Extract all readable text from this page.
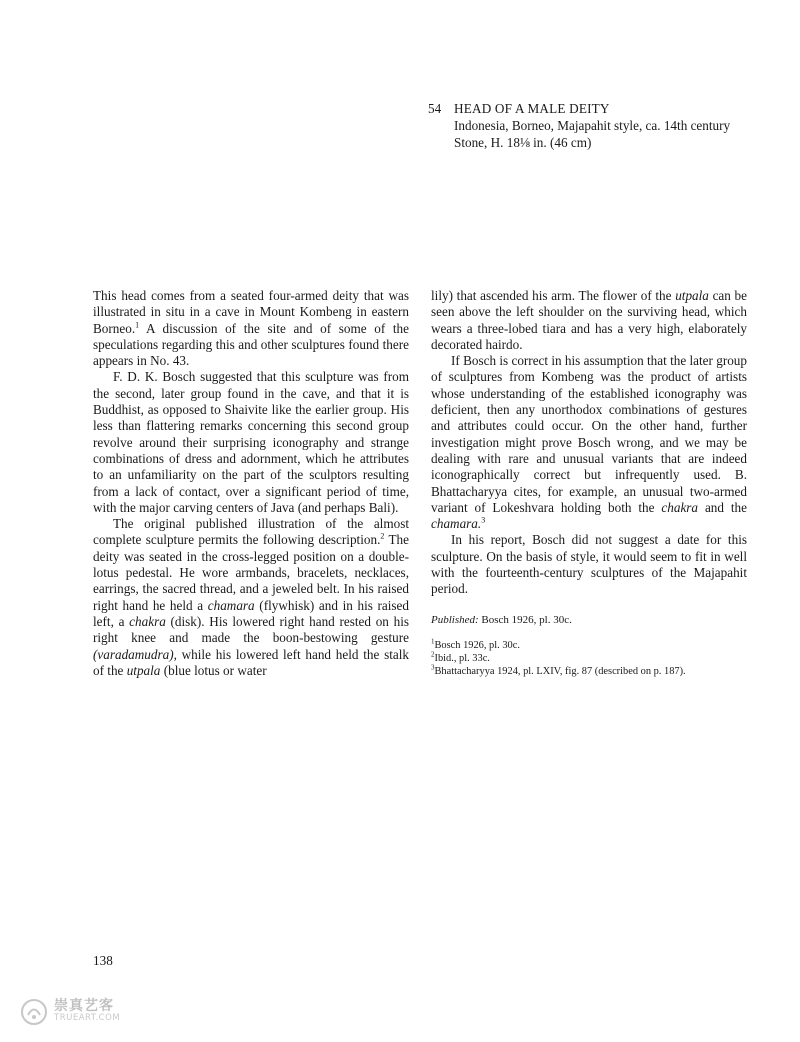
54 HEAD OF A MALE DEITY
Indonesia, Borneo, Majapahit style, ca. 14th century
Stone, H. 18⅛ in. (46 cm)

This head comes from a seated four-armed deity that was illustrated in situ in a cave in Mount Kombeng in eastern Borneo.$^1$ A discussion of the site and of some of the speculations regarding this and other sculptures found there appears in No. 43.

F. D. K. Bosch suggested that this sculpture was from the second, later group found in the cave, and that it is Buddhist, as opposed to Shaivite like the earlier group. His less than flattering remarks concerning this second group revolve around their surprising iconography and strange combinations of dress and adornment, which he attributes to an unfamiliarity on the part of the sculptors resulting from a lack of contact, over a significant period of time, with the major carving centers of Java (and perhaps Bali).

The original published illustration of the almost complete sculpture permits the following description.$^2$ The deity was seated in the cross-legged position on a double-lotus pedestal. He wore armbands, bracelets, necklaces, earrings, the sacred thread, and a jeweled belt. In his raised right hand he held a chamara (flywhisk) and in his raised left, a chakra (disk). His lowered right hand rested on his right knee and made the boon-bestowing gesture (varadamudra), while his lowered left hand held the stalk of the utpala (blue lotus or water

lily) that ascended his arm. The flower of the utpala can be seen above the left shoulder on the surviving head, which wears a three-lobed tiara and has a very high, elaborately decorated hairdo.

If Bosch is correct in his assumption that the later group of sculptures from Kombeng was the product of artists whose understanding of the established iconography was deficient, then any unorthodox combinations of gestures and attributes could occur. On the other hand, further investigation might prove Bosch wrong, and we may be dealing with rare and unusual variants that are indeed iconographically correct but infrequently used. B. Bhattacharyya cites, for example, an unusual two-armed variant of Lokeshvara holding both the chakra and the chamara.$^3$

In his report, Bosch did not suggest a date for this sculpture. On the basis of style, it would seem to fit in well with the fourteenth-century sculptures of the Majapahit period.

Published: Bosch 1926, pl. 30c.

$^1$Bosch 1926, pl. 30c.
$^2$Ibid., pl. 33c.
$^3$Bhattacharyya 1924, pl. LXIV, fig. 87 (described on p. 187).
138
崇真艺客
TRUEART.COM
